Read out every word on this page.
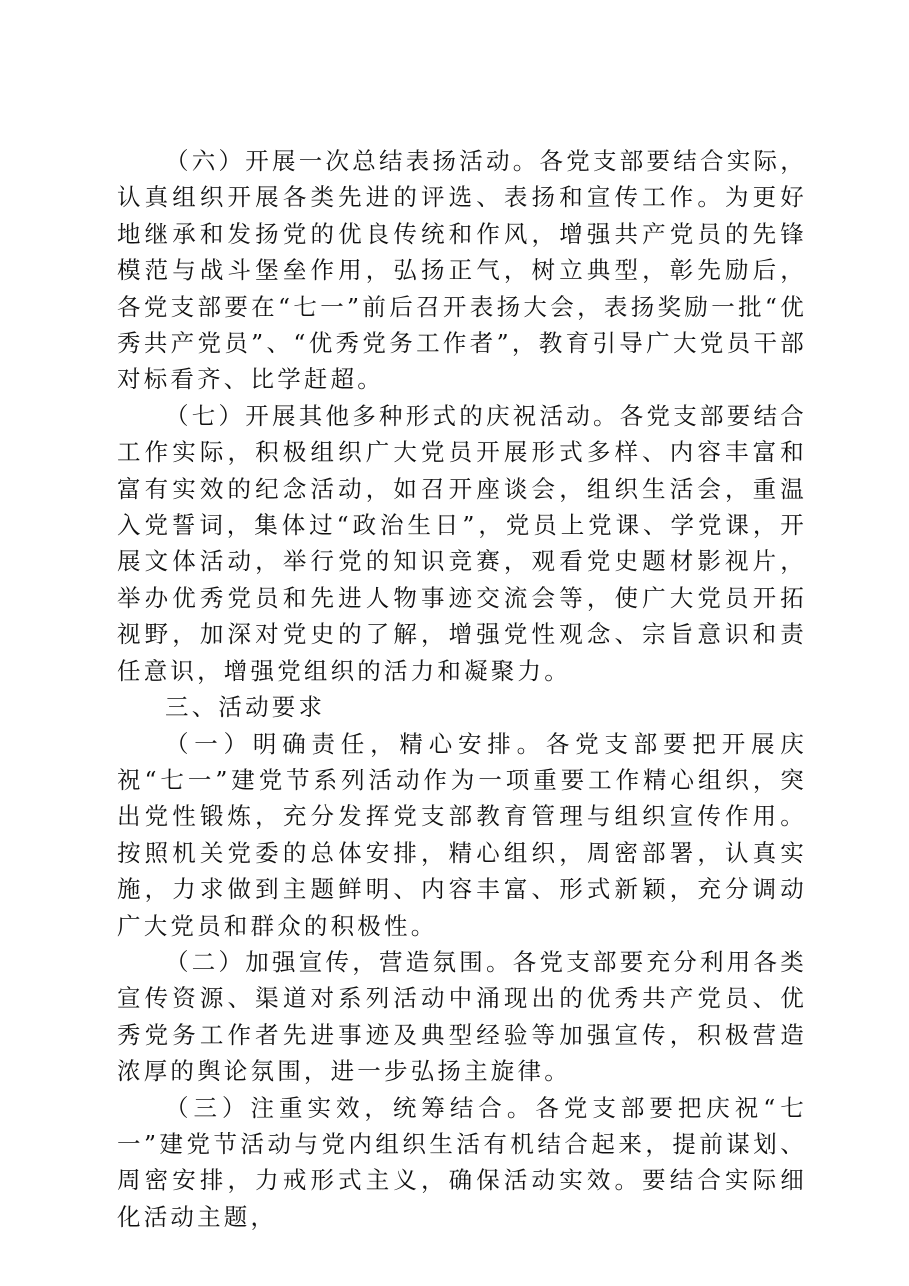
（六）开展一次总结表扬活动。各党支部要结合实际，认真组织开展各类先进的评选、表扬和宣传工作。为更好地继承和发扬党的优良传统和作风，增强共产党员的先锋模范与战斗堡垒作用，弘扬正气，树立典型，彰先励后，各党支部要在“七一”前后召开表扬大会，表扬奖励一批“优秀共产党员”、“优秀党务工作者”，教育引导广大党员干部对标看齐、比学赶超。

（七）开展其他多种形式的庆祝活动。各党支部要结合工作实际，积极组织广大党员开展形式多样、内容丰富和富有实效的纪念活动，如召开座谈会，组织生活会，重温入党誓词，集体过“政治生日”，党员上党课、学党课，开展文体活动，举行党的知识竞赛，观看党史题材影视片，举办优秀党员和先进人物事迹交流会等，使广大党员开拓视野，加深对党史的了解，增强党性观念、宗旨意识和责任意识，增强党组织的活力和凝聚力。

三、活动要求

（一）明确责任，精心安排。各党支部要把开展庆祝“七一”建党节系列活动作为一项重要工作精心组织，突出党性锻炼，充分发挥党支部教育管理与组织宣传作用。按照机关党委的总体安排，精心组织，周密部署，认真实施，力求做到主题鲜明、内容丰富、形式新颖，充分调动广大党员和群众的积极性。

（二）加强宣传，营造氛围。各党支部要充分利用各类宣传资源、渠道对系列活动中涌现出的优秀共产党员、优秀党务工作者先进事迹及典型经验等加强宣传，积极营造浓厚的舆论氛围，进一步弘扬主旋律。

（三）注重实效，统筹结合。各党支部要把庆祝“七一”建党节活动与党内组织生活有机结合起来，提前谋划、周密安排，力戒形式主义，确保活动实效。要结合实际细化活动主题，
